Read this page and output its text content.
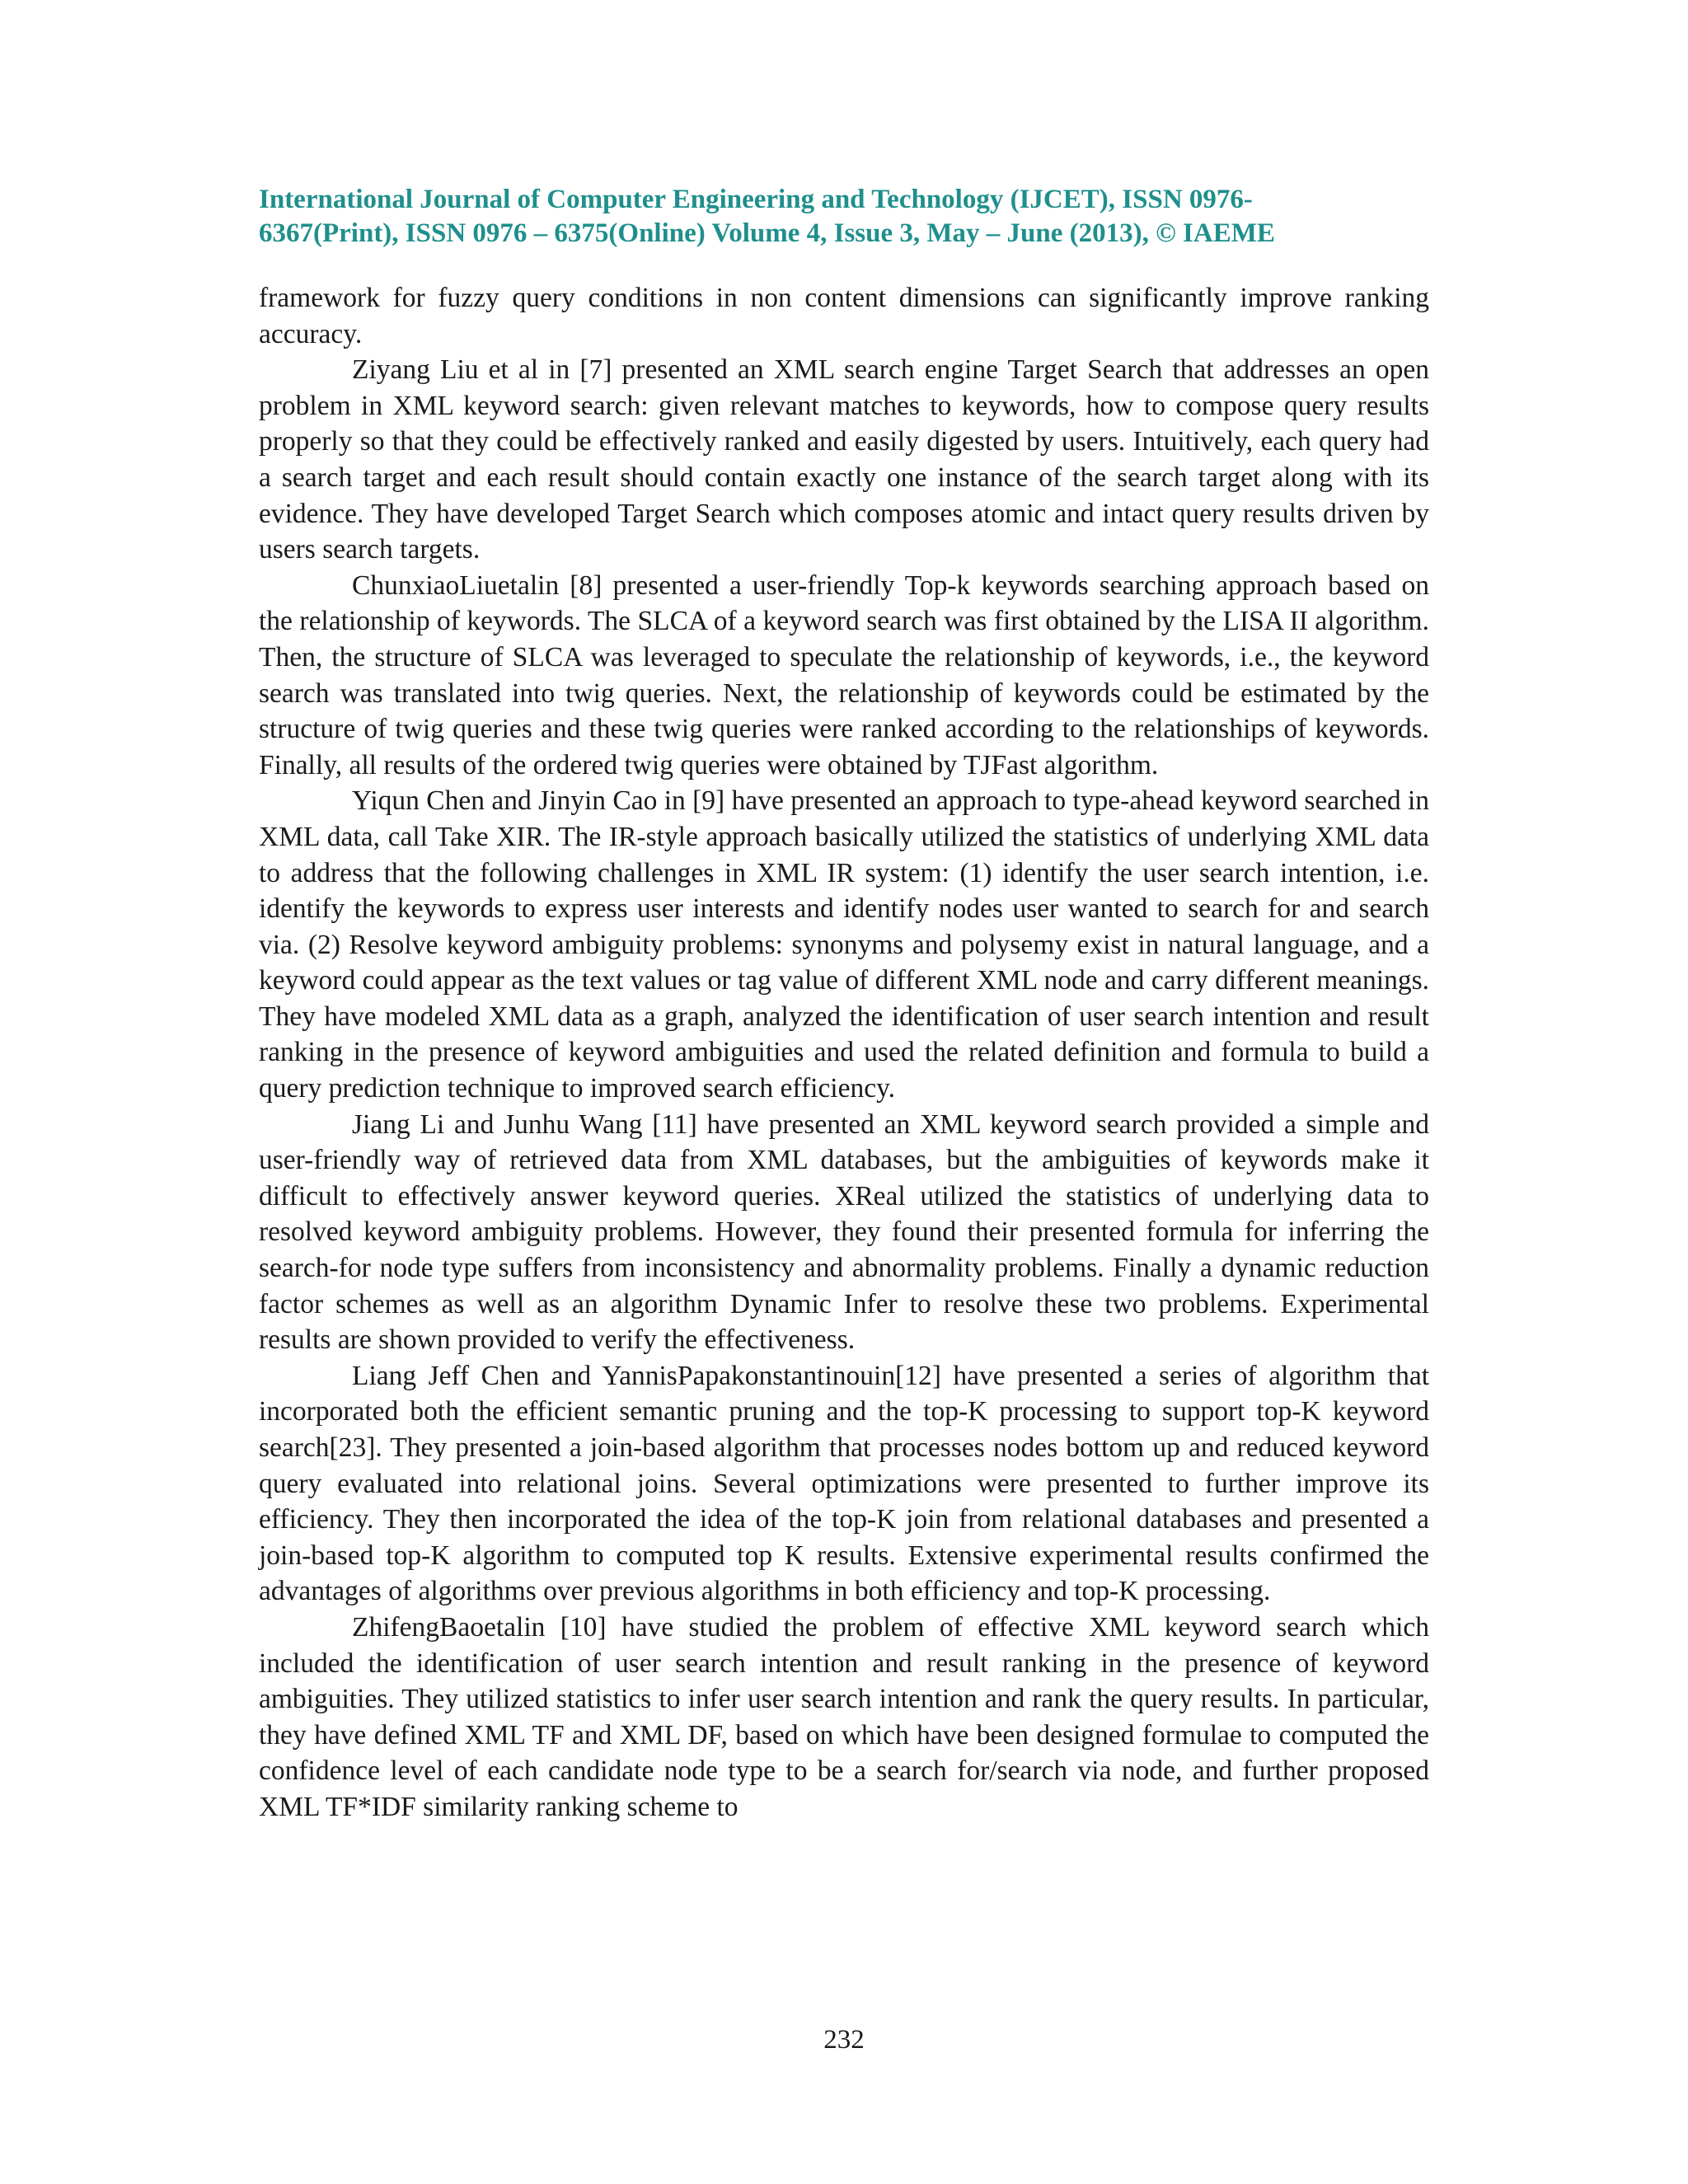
International Journal of Computer Engineering and Technology (IJCET), ISSN 0976-
6367(Print), ISSN 0976 – 6375(Online) Volume 4, Issue 3, May – June (2013), © IAEME

framework for fuzzy query conditions in non content dimensions can significantly improve ranking accuracy.

Ziyang Liu et al in [7] presented an XML search engine Target Search that addresses an open problem in XML keyword search: given relevant matches to keywords, how to compose query results properly so that they could be effectively ranked and easily digested by users. Intuitively, each query had a search target and each result should contain exactly one instance of the search target along with its evidence. They have developed Target Search which composes atomic and intact query results driven by users search targets.

ChunxiaoLiuetalin [8] presented a user-friendly Top-k keywords searching approach based on the relationship of keywords. The SLCA of a keyword search was first obtained by the LISA II algorithm. Then, the structure of SLCA was leveraged to speculate the relationship of keywords, i.e., the keyword search was translated into twig queries. Next, the relationship of keywords could be estimated by the structure of twig queries and these twig queries were ranked according to the relationships of keywords. Finally, all results of the ordered twig queries were obtained by TJFast algorithm.

Yiqun Chen and Jinyin Cao in [9] have presented an approach to type-ahead keyword searched in XML data, call Take XIR. The IR-style approach basically utilized the statistics of underlying XML data to address that the following challenges in XML IR system: (1) identify the user search intention, i.e. identify the keywords to express user interests and identify nodes user wanted to search for and search via. (2) Resolve keyword ambiguity problems: synonyms and polysemy exist in natural language, and a keyword could appear as the text values or tag value of different XML node and carry different meanings. They have modeled XML data as a graph, analyzed the identification of user search intention and result ranking in the presence of keyword ambiguities and used the related definition and formula to build a query prediction technique to improved search efficiency.

Jiang Li and Junhu Wang [11] have presented an XML keyword search provided a simple and user-friendly way of retrieved data from XML databases, but the ambiguities of keywords make it difficult to effectively answer keyword queries. XReal utilized the statistics of underlying data to resolved keyword ambiguity problems. However, they found their presented formula for inferring the search-for node type suffers from inconsistency and abnormality problems. Finally a dynamic reduction factor schemes as well as an algorithm Dynamic Infer to resolve these two problems. Experimental results are shown provided to verify the effectiveness.

Liang Jeff Chen and YannisPapakonstantinouin[12] have presented a series of algorithm that incorporated both the efficient semantic pruning and the top-K processing to support top-K keyword search[23]. They presented a join-based algorithm that processes nodes bottom up and reduced keyword query evaluated into relational joins. Several optimizations were presented to further improve its efficiency. They then incorporated the idea of the top-K join from relational databases and presented a join-based top-K algorithm to computed top K results. Extensive experimental results confirmed the advantages of algorithms over previous algorithms in both efficiency and top-K processing.

ZhifengBaoetalin [10] have studied the problem of effective XML keyword search which included the identification of user search intention and result ranking in the presence of keyword ambiguities. They utilized statistics to infer user search intention and rank the query results. In particular, they have defined XML TF and XML DF, based on which have been designed formulae to computed the confidence level of each candidate node type to be a search for/search via node, and further proposed XML TF*IDF similarity ranking scheme to

232
